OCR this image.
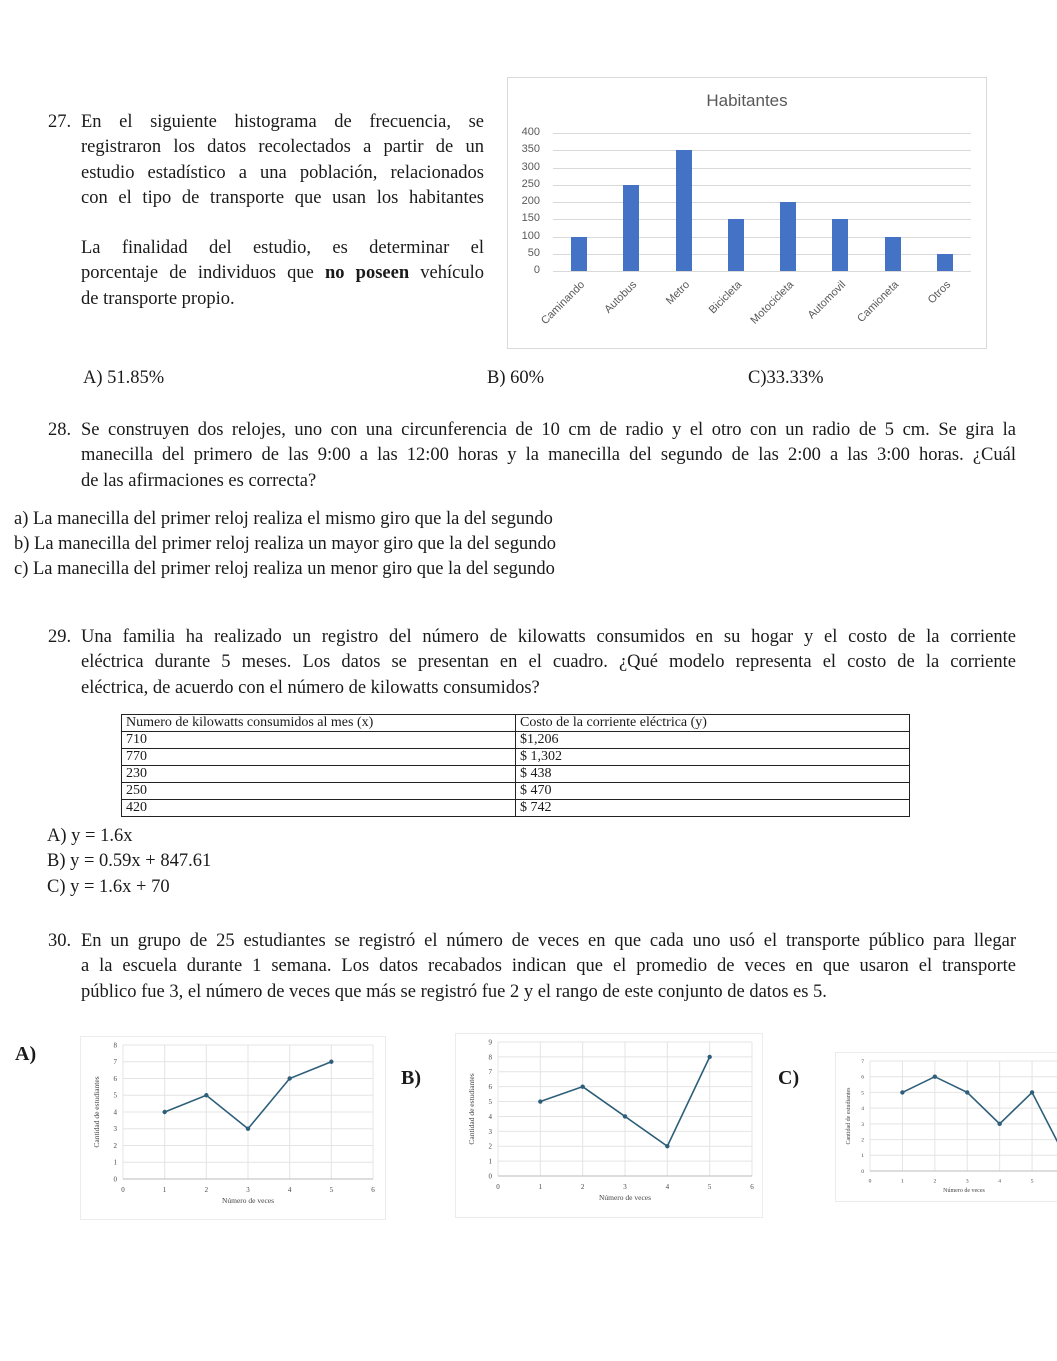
27. En el siguiente histograma de frecuencia, se
registraron los datos recolectados a partir de un
estudio estadístico a una población, relacionados
con el tipo de transporte que usan los habitantes
La finalidad del estudio, es determinar el
porcentaje de individuos que no poseen vehículo
de transporte propio.
Habitantes
0
50
100
150
200
250
300
350
400
Caminando	Autobus	Metro	Bicicleta Motocicleta Automovil Camioneta	Otros
A) 51.85%	B) 60%	C)33.33%
28. Se construyen dos relojes, uno con una circunferencia de 10 cm de radio y el otro con un radio de 5 cm. Se gira la
manecilla del primero de las 9:00 a las 12:00 horas y la manecilla del segundo de las 2:00 a las 3:00 horas. ¿Cuál
de las afirmaciones es correcta?
a) La manecilla del primer reloj realiza el mismo giro que la del segundo
b) La manecilla del primer reloj realiza un mayor giro que la del segundo
c) La manecilla del primer reloj realiza un menor giro que la del segundo
29. Una familia ha realizado un registro del número de kilowatts consumidos en su hogar y el costo de la corriente
eléctrica durante 5 meses. Los datos se presentan en el cuadro. ¿Qué modelo representa el costo de la corriente
eléctrica, de acuerdo con el número de kilowatts consumidos?
Numero de kilowatts consumidos al mes (x)	Costo de la corriente eléctrica (y)
710	$1,206
770	$ 1,302
230	$ 438
250	$ 470
420	$ 742
A) y = 1.6x
B) y = 0.59x + 847.61
C) y = 1.6x + 70
30. En un grupo de 25 estudiantes se registró el número de veces en que cada uno usó el transporte público para llegar
a la escuela durante 1 semana. Los datos recabados indican que el promedio de veces en que usaron el transporte
público fue 3, el número de veces que más se registró fue 2 y el rango de este conjunto de datos es 5.
A)
0
1
2
3
4
5
6
7
8
0	1	2	3	4	5	6
Número de veces
Cantidad de estudiantes	B)
0
1
2
3
4
5
6
7
8
9
0	1	2	3	4	5	6
Número de veces
Cantidad de estudiantes	C)
0
1
2
3
4
5
6
7
0	1	2	3	4	5
Número de veces
Cantidad de estudiantes
